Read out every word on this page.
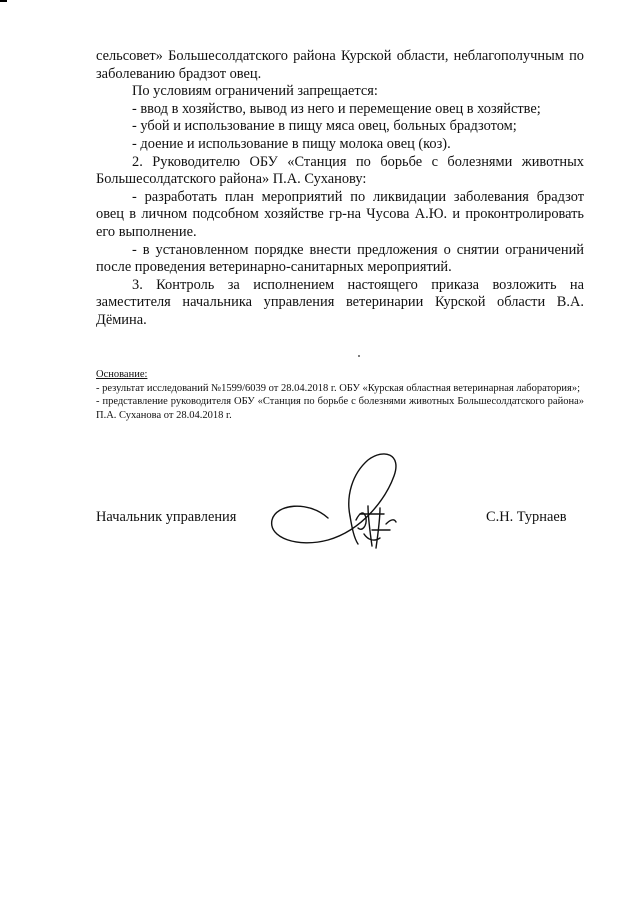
сельсовет» Большесолдатского района Курской области, неблагополучным по заболеванию брадзот овец.

По условиям ограничений запрещается:

- ввод в хозяйство, вывод из него и перемещение овец в хозяйстве;

- убой и использование в пищу мяса овец, больных брадзотом;

- доение и использование в пищу молока овец (коз).

2. Руководителю ОБУ «Станция по борьбе с болезнями животных Большесолдатского района» П.А. Суханову:

- разработать план мероприятий по ликвидации заболевания брадзот овец в личном подсобном хозяйстве гр-на Чусова А.Ю. и проконтролировать его выполнение.

- в установленном порядке внести предложения о снятии ограничений после проведения ветеринарно-санитарных мероприятий.

3. Контроль за исполнением настоящего приказа возложить на заместителя начальника управления ветеринарии Курской области В.А. Дёмина.

Основание:

- результат исследований №1599/6039 от 28.04.2018 г. ОБУ «Курская областная ветеринарная лаборатория»;

- представление руководителя ОБУ «Станция по борьбе с болезнями животных Большесолдатского района» П.А. Суханова от 28.04.2018 г.

Начальник управления	С.Н. Турнаев
